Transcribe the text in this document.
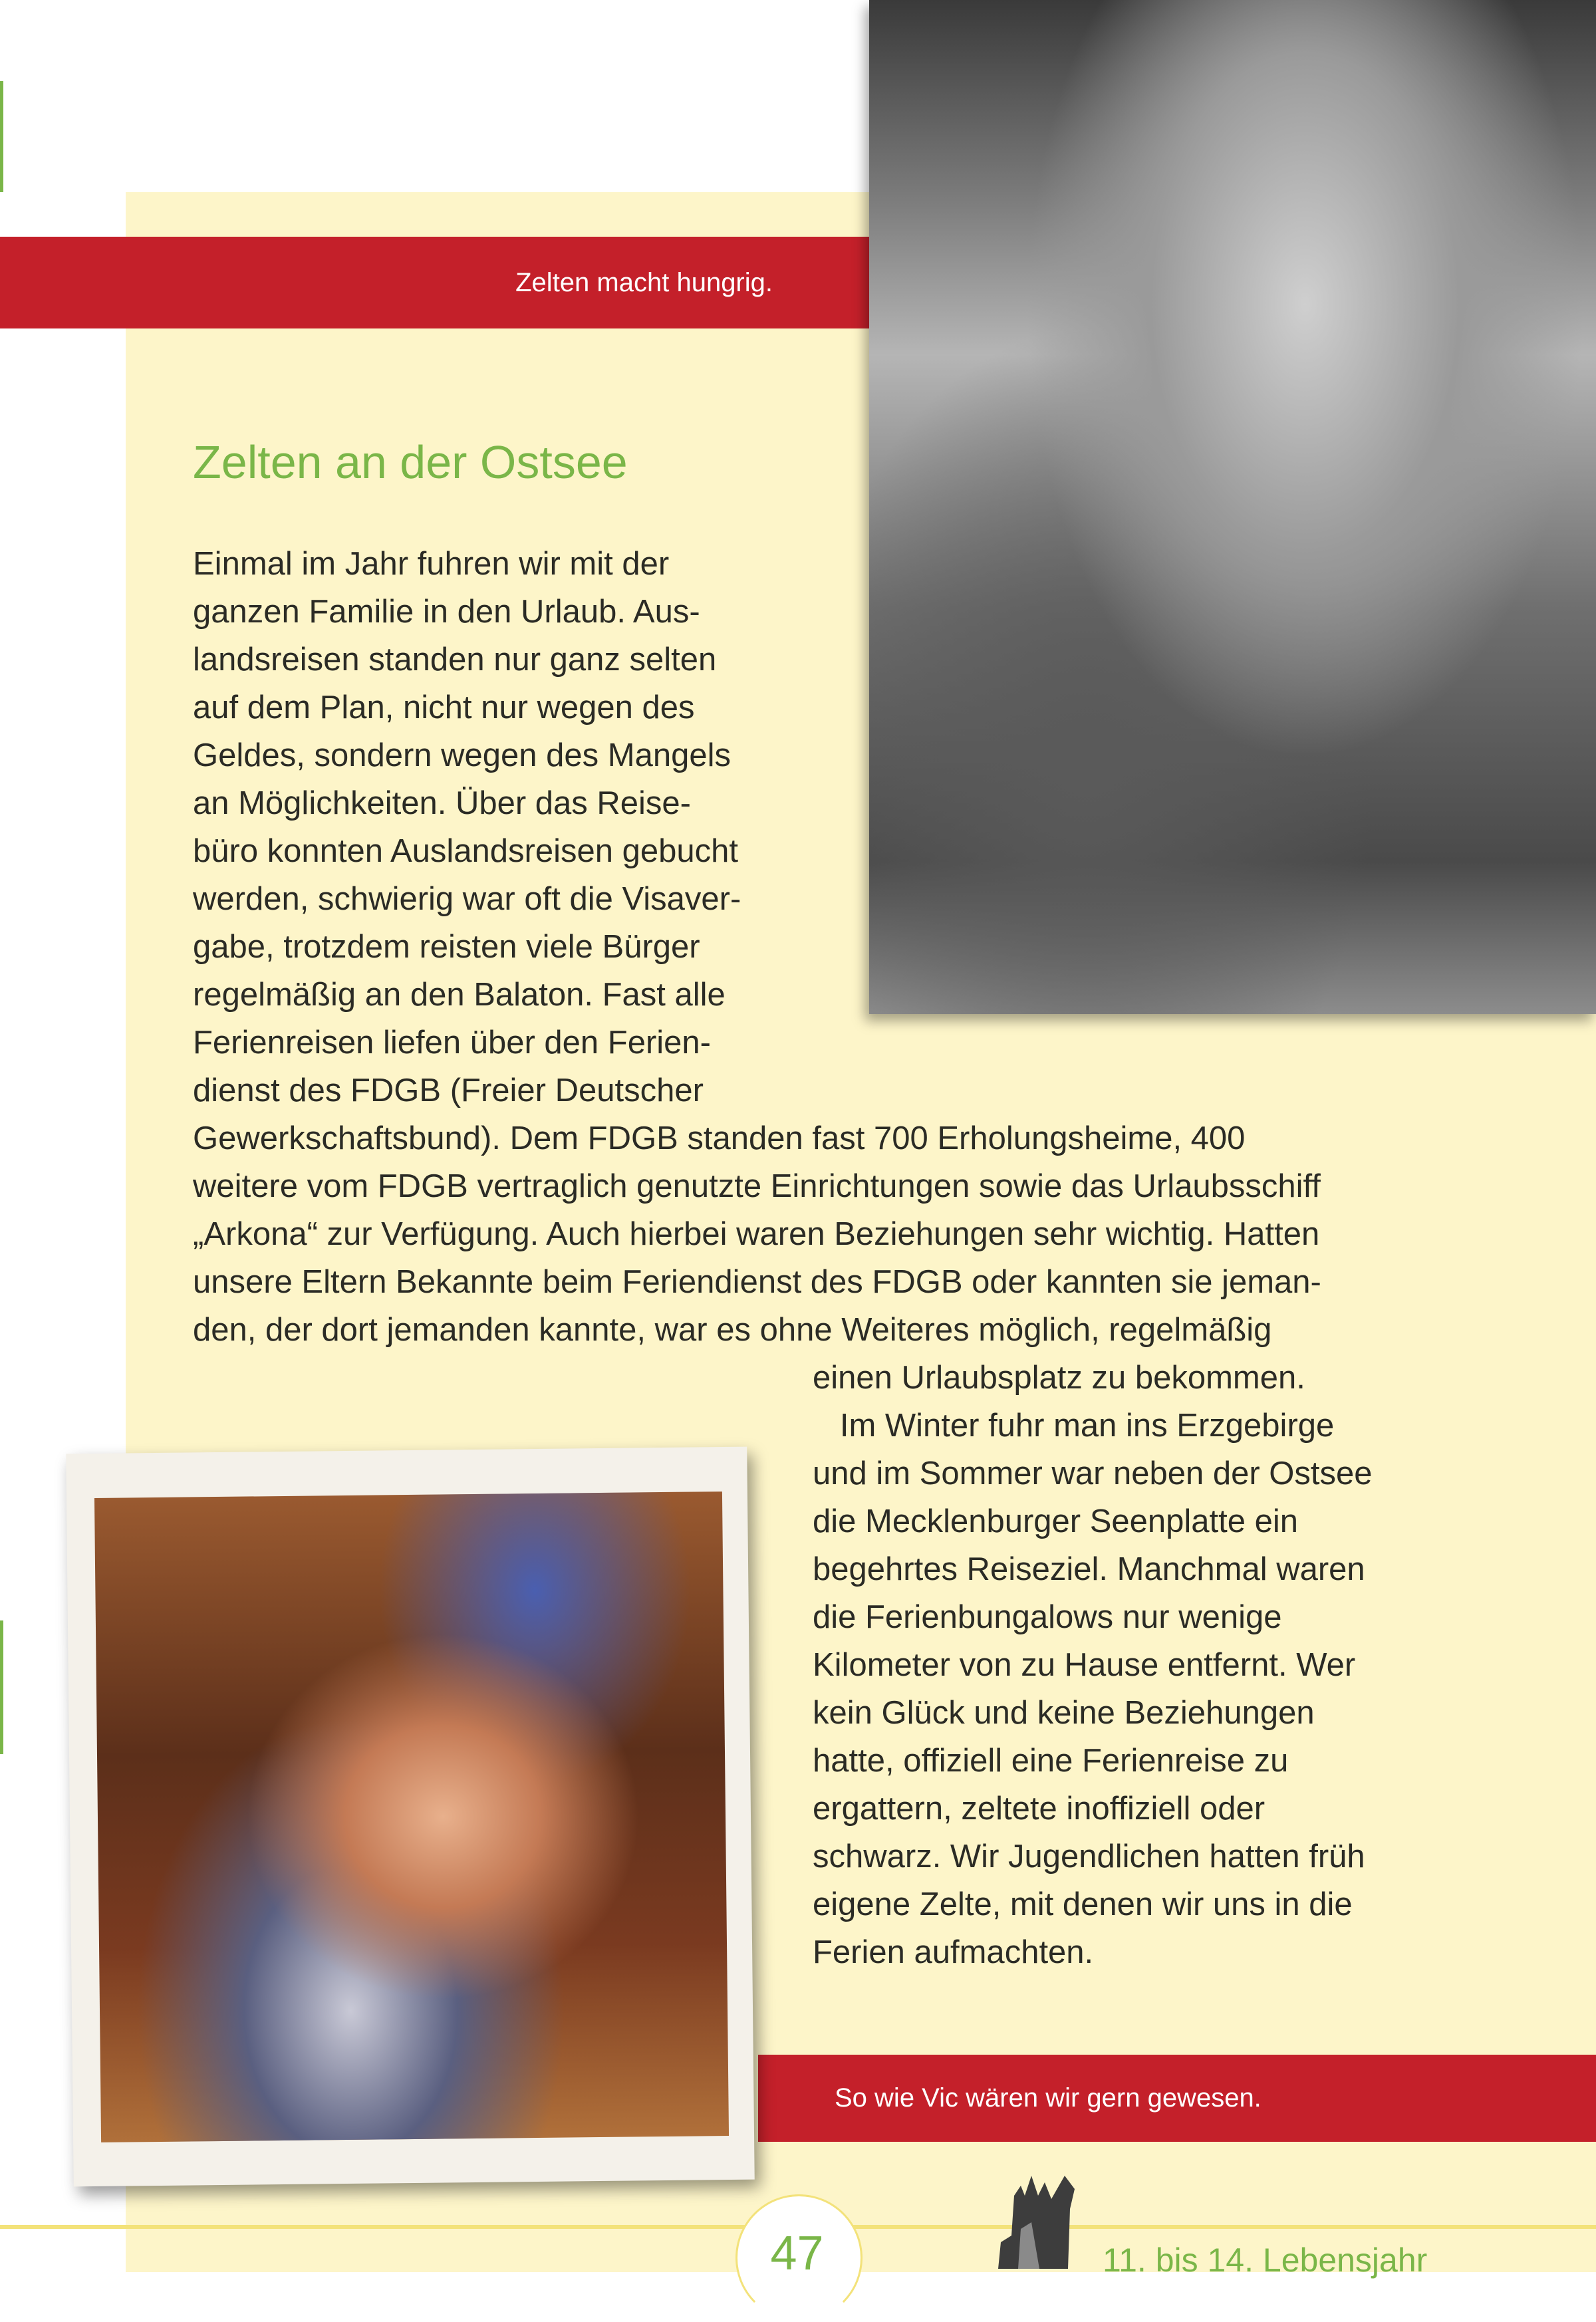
Zelten macht hungrig.
Zelten an der Ostsee
Einmal im Jahr fuhren wir mit der
ganzen Familie in den Urlaub. Aus-
landsreisen standen nur ganz selten
auf dem Plan, nicht nur wegen des
Geldes, sondern wegen des Mangels
an Möglichkeiten. Über das Reise-
büro konnten Auslandsreisen gebucht
werden, schwierig war oft die Visaver-
gabe, trotzdem reisten viele Bürger
regelmäßig an den Balaton. Fast alle
Ferienreisen liefen über den Ferien-
dienst des FDGB (Freier Deutscher
Gewerkschaftsbund). Dem FDGB standen fast 700 Erholungsheime, 400
weitere vom FDGB vertraglich genutzte Einrichtungen sowie das Urlaubsschiff
„Arkona“ zur Verfügung. Auch hierbei waren Beziehungen sehr wichtig. Hatten
unsere Eltern Bekannte beim Feriendienst des FDGB oder kannten sie jeman-
den, der dort jemanden kannte, war es ohne Weiteres möglich, regelmäßig
einen Urlaubsplatz zu bekommen.
Im Winter fuhr man ins Erzgebirge
und im Sommer war neben der Ostsee
die Mecklenburger Seenplatte ein
begehrtes Reiseziel. Manchmal waren
die Ferienbungalows nur wenige
Kilometer von zu Hause entfernt. Wer
kein Glück und keine Beziehungen
hatte, offiziell eine Ferienreise zu
ergattern, zeltete inoffiziell oder
schwarz. Wir Jugendlichen hatten früh
eigene Zelte, mit denen wir uns in die
Ferien aufmachten.
So wie Vic wären wir gern gewesen.
47	11. bis 14. Lebensjahr
